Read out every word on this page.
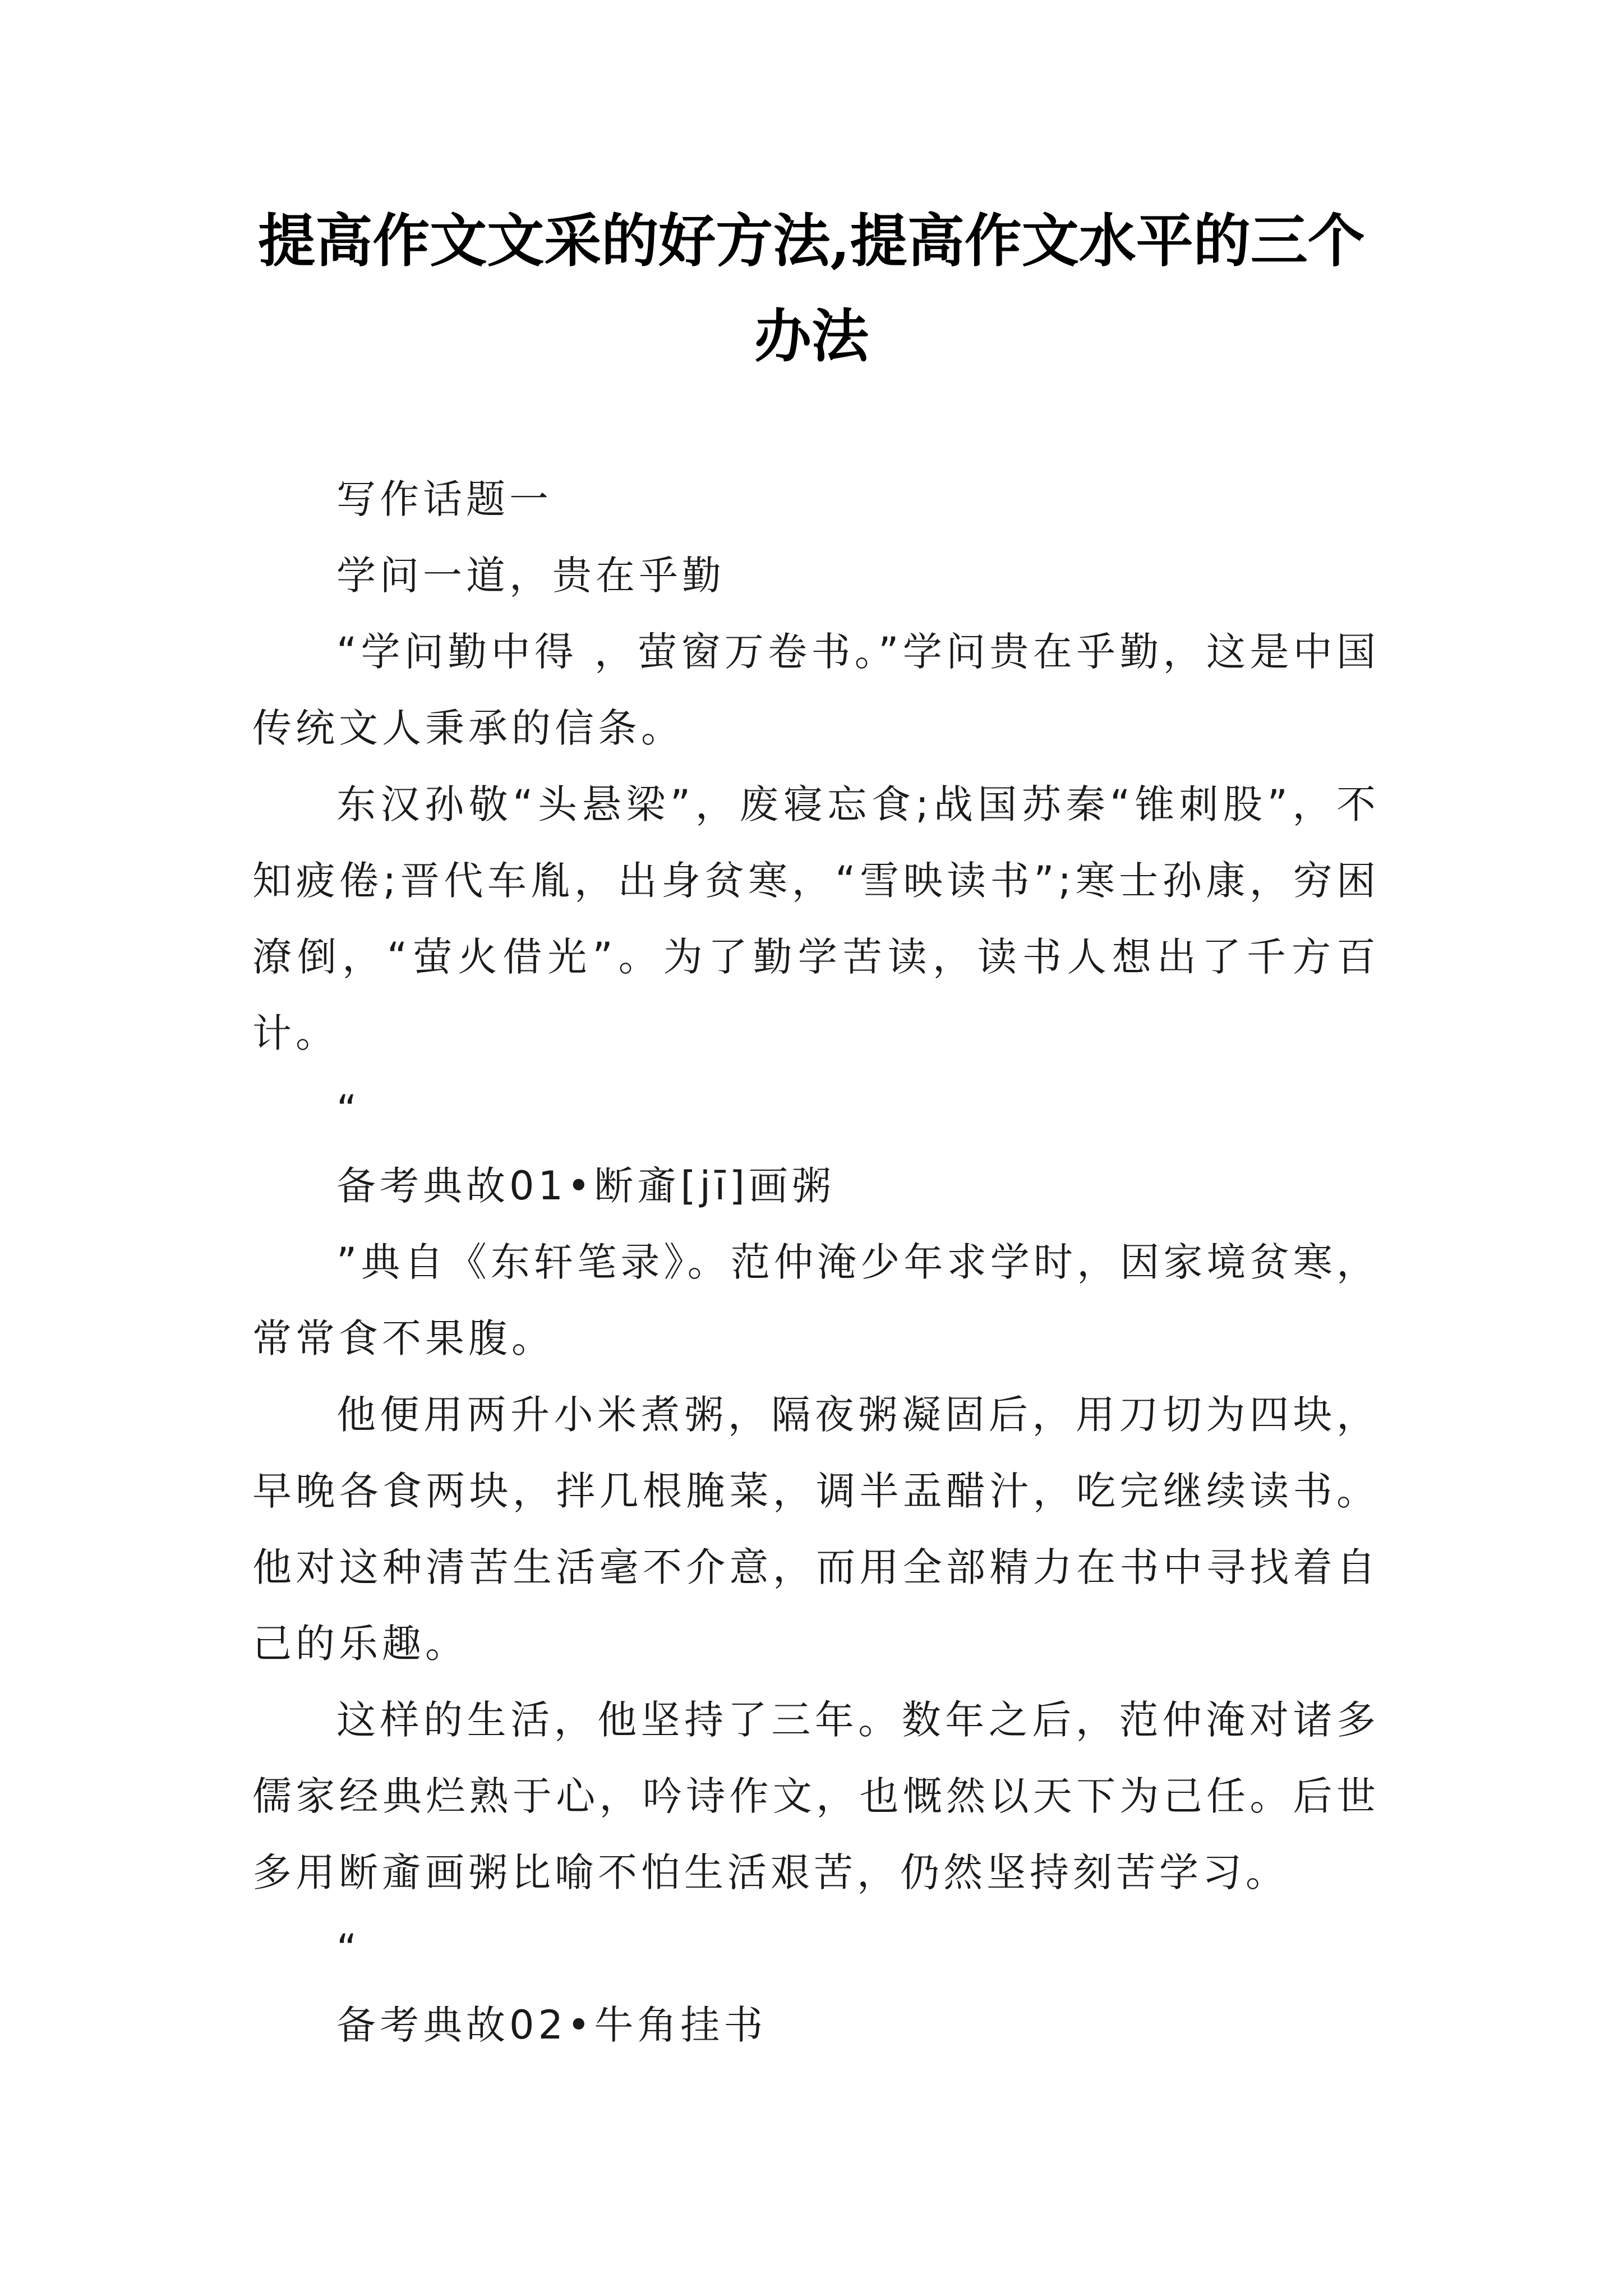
提高作文文采的好方法,提高作文水平的三个办法

写作话题一

学问一道，贵在乎勤

“学问勤中得 ，萤窗万卷书。”学问贵在乎勤，这是中国传统文人秉承的信条。

东汉孙敬“头悬梁”，废寝忘食;战国苏秦“锥刺股”，不知疲倦;晋代车胤，出身贫寒，“雪映读书”;寒士孙康，穷困潦倒，“萤火借光”。为了勤学苦读，读书人想出了千方百计。

“

备考典故01•断齑[jī]画粥

”典自《东轩笔录》。范仲淹少年求学时，因家境贫寒，常常食不果腹。

他便用两升小米煮粥，隔夜粥凝固后，用刀切为四块，早晚各食两块，拌几根腌菜，调半盂醋汁，吃完继续读书。他对这种清苦生活毫不介意，而用全部精力在书中寻找着自己的乐趣。

这样的生活，他坚持了三年。数年之后，范仲淹对诸多儒家经典烂熟于心，吟诗作文，也慨然以天下为己任。后世多用断齑画粥比喻不怕生活艰苦，仍然坚持刻苦学习。

“

备考典故02•牛角挂书
